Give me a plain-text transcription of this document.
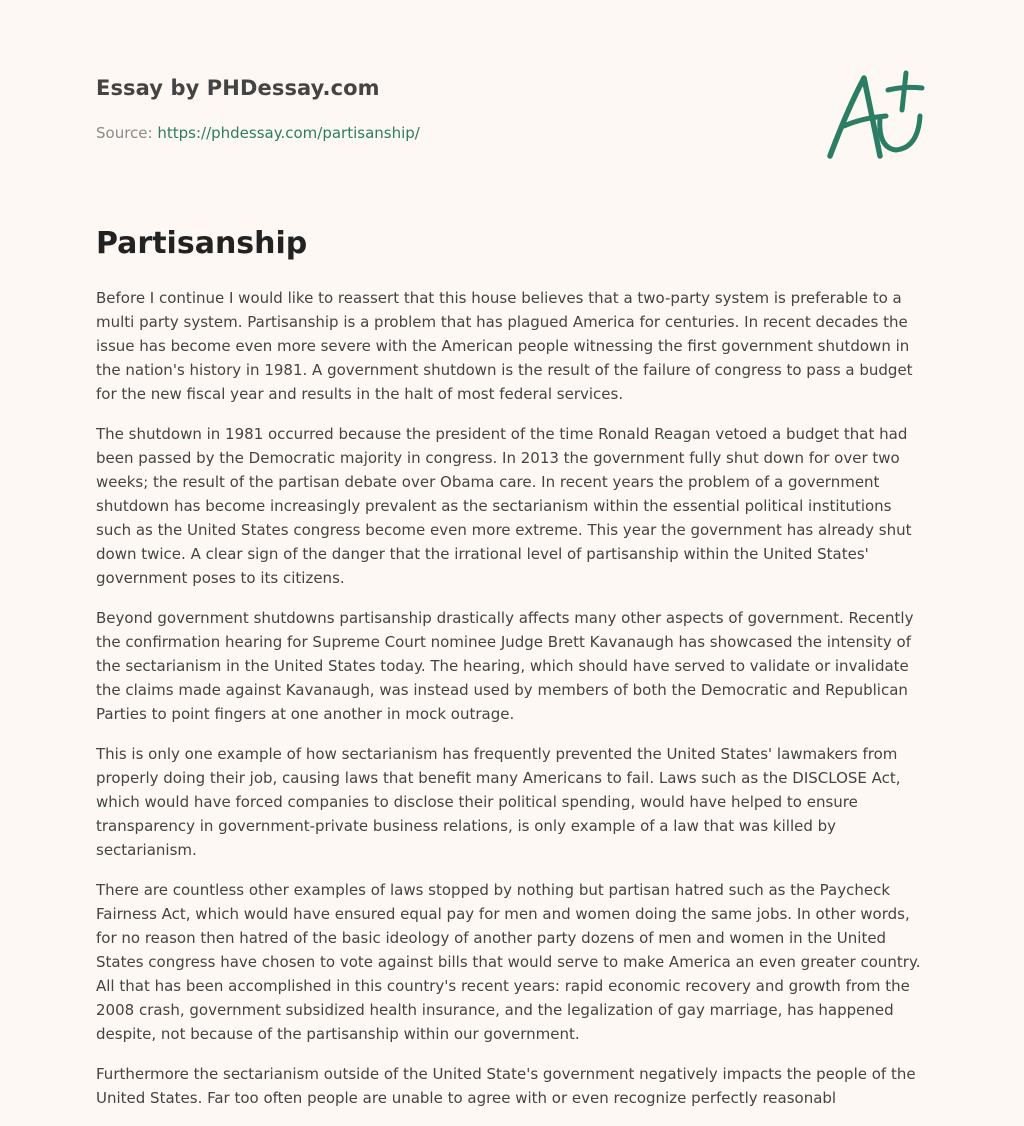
Essay by PHDessay.com

Source: https://phdessay.com/partisanship/

Partisanship

Before I continue I would like to reassert that this house believes that a two-party system is preferable to a multi party system. Partisanship is a problem that has plagued America for centuries. In recent decades the issue has become even more severe with the American people witnessing the first government shutdown in the nation's history in 1981. A government shutdown is the result of the failure of congress to pass a budget for the new fiscal year and results in the halt of most federal services.

The shutdown in 1981 occurred because the president of the time Ronald Reagan vetoed a budget that had been passed by the Democratic majority in congress. In 2013 the government fully shut down for over two weeks; the result of the partisan debate over Obama care. In recent years the problem of a government shutdown has become increasingly prevalent as the sectarianism within the essential political institutions such as the United States congress become even more extreme. This year the government has already shut down twice. A clear sign of the danger that the irrational level of partisanship within the United States' government poses to its citizens.

Beyond government shutdowns partisanship drastically affects many other aspects of government. Recently the confirmation hearing for Supreme Court nominee Judge Brett Kavanaugh has showcased the intensity of the sectarianism in the United States today. The hearing, which should have served to validate or invalidate the claims made against Kavanaugh, was instead used by members of both the Democratic and Republican Parties to point fingers at one another in mock outrage.

This is only one example of how sectarianism has frequently prevented the United States' lawmakers from properly doing their job, causing laws that benefit many Americans to fail. Laws such as the DISCLOSE Act, which would have forced companies to disclose their political spending, would have helped to ensure transparency in government-private business relations, is only example of a law that was killed by sectarianism.

There are countless other examples of laws stopped by nothing but partisan hatred such as the Paycheck Fairness Act, which would have ensured equal pay for men and women doing the same jobs. In other words, for no reason then hatred of the basic ideology of another party dozens of men and women in the United States congress have chosen to vote against bills that would serve to make America an even greater country. All that has been accomplished in this country's recent years: rapid economic recovery and growth from the 2008 crash, government subsidized health insurance, and the legalization of gay marriage, has happened despite, not because of the partisanship within our government.

Furthermore the sectarianism outside of the United State's government negatively impacts the people of the United States. Far too often people are unable to agree with or even recognize perfectly reasonabl
